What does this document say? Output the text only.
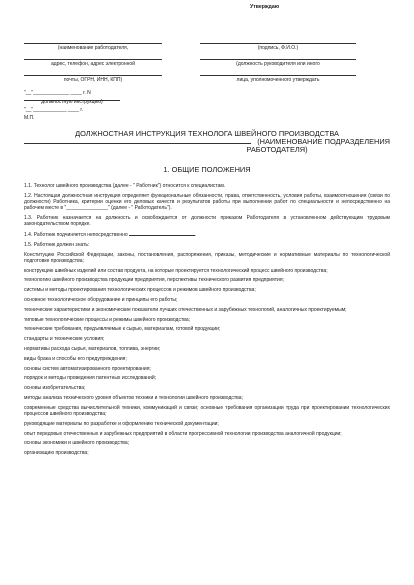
Утверждаю
(наименование работодателя,	(подпись, Ф.И.О.)
адрес, телефон, адрес электронной	(должность руководителя или иного
почты, ОГРН, ИНН, КПП)	лица, уполномоченного утверждать
"__"_____________ ____ г. N
должностную инструкцию)
"__"____________ ____ г.
М.П.
ДОЛЖНОСТНАЯ ИНСТРУКЦИЯ ТЕХНОЛОГА ШВЕЙНОГО ПРОИЗВОДСТВА
(НАИМЕНОВАНИЕ ПОДРАЗДЕЛЕНИЯ
РАБОТОДАТЕЛЯ)
1. ОБЩИЕ ПОЛОЖЕНИЯ

1.1. Технолог швейного производства (далее - " Работник") относится к специалистам.

1.2. Настоящая должностная инструкция определяет функциональные обязанности, права, ответственность, условия работы, взаимоотношения (связи по должности) Работника, критерии оценки его деловых качеств и результатов работы при выполнении работ по специальности и непосредственно на рабочем месте в "_______________" (далее - " Работодатель").

1.3. Работник назначается на должность и освобождается от должности приказом Работодателя в установленном действующим трудовым законодательством порядке.

1.4. Работник подчиняется непосредственно	.

1.5. Работник должен знать:

Конституцию Российской Федерации, законы, постановления, распоряжения, приказы, методические и нормативные материалы по технологической подготовке производства;

конструкцию швейных изделий или состав продукта, на которые проектируется технологический процесс швейного производства;

технологию швейного производства продукции предприятия, перспективы технического развития предприятия;

системы и методы проектирования технологических процессов и режимов швейного производства;

основное технологическое оборудование и принципы его работы;

технические характеристики и экономические показатели лучших отечественных и зарубежных технологий, аналогичных проектируемым;

типовые технологические процессы и режимы швейного производства;

технические требования, предъявляемые к сырью, материалам, готовой продукции;

стандарты и технические условия;

нормативы расхода сырья, материалов, топлива, энергии;

виды брака и способы его предупреждения;

основы систем автоматизированного проектирования;

порядок и методы проведения патентных исследований;

основы изобретательства;

методы анализа технического уровня объектов техники и технологии швейного производства;

современные средства вычислительной техники, коммуникаций и связи; основные требования организации труда при проектировании технологических процессов швейного производства;

руководящие материалы по разработке и оформлению технической документации;

опыт передовых отечественных и зарубежных предприятий в области прогрессивной технологии производства аналогичной продукции;

основы экономики и швейного производства;

организацию производства;
